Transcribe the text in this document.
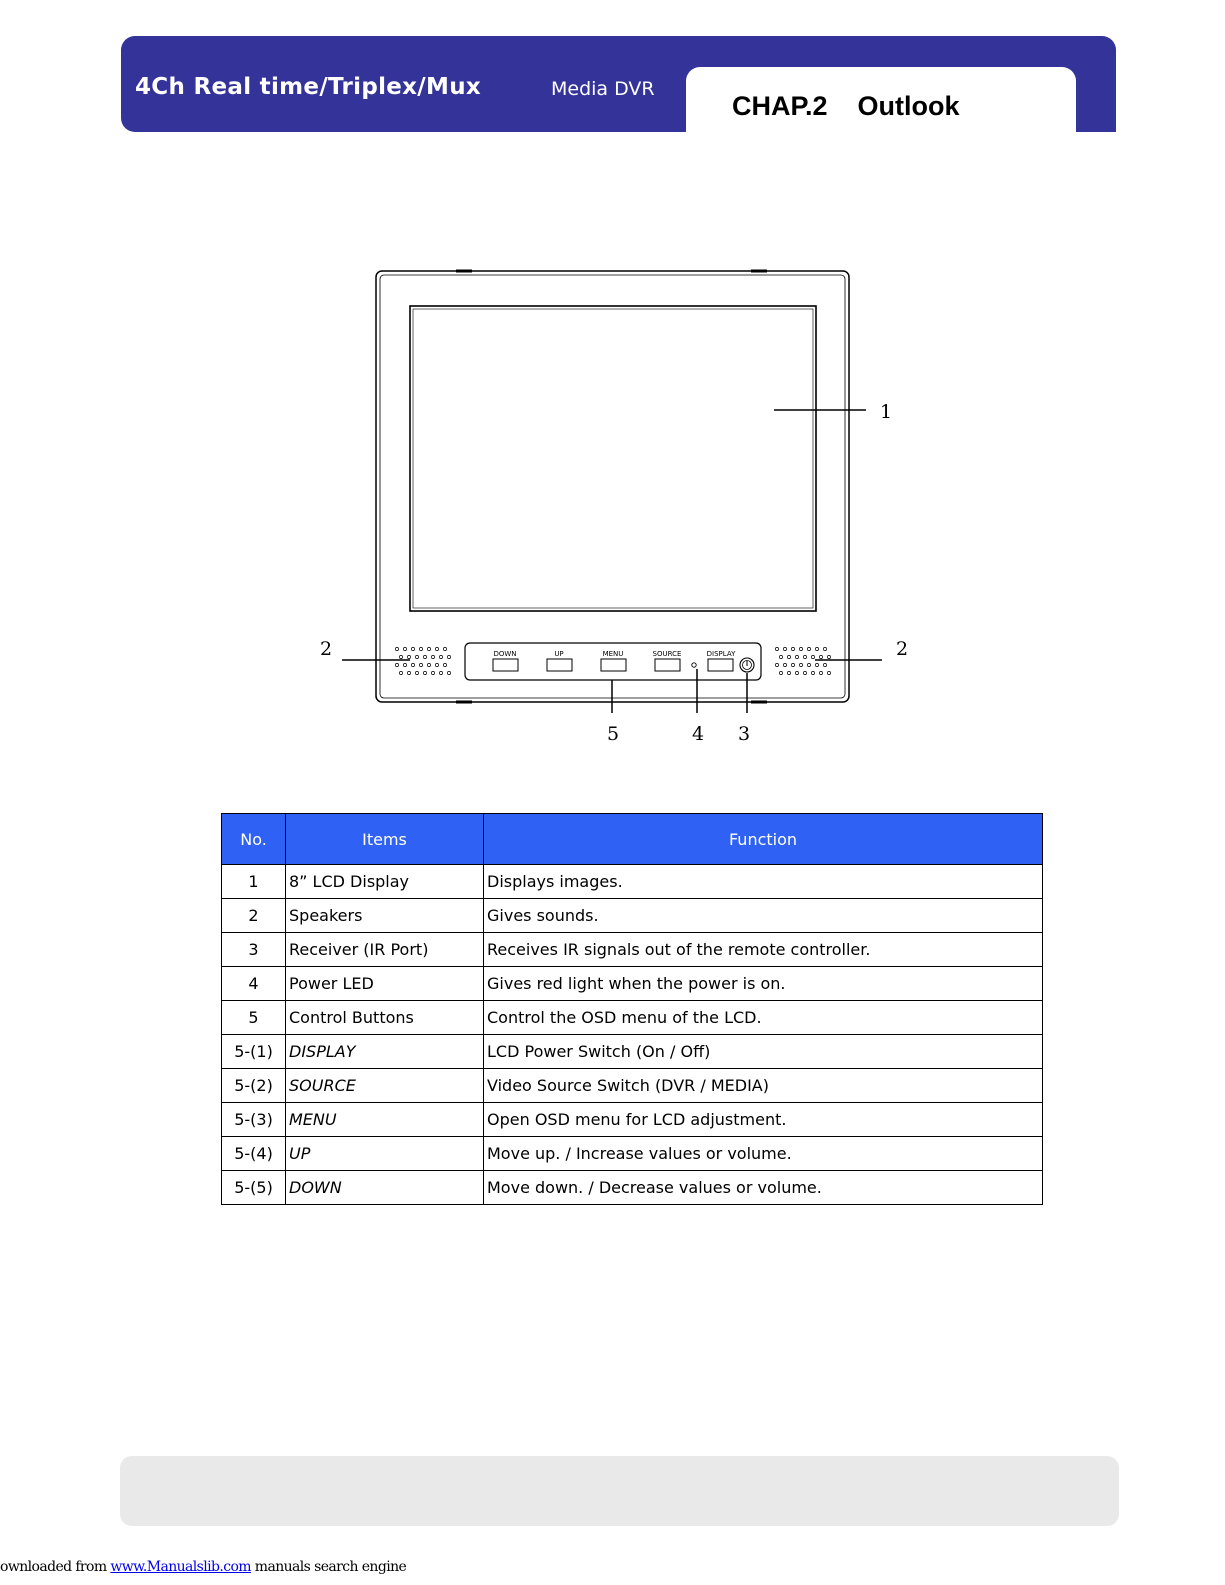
4Ch Real time/Triplex/Mux	Media DVR
CHAP.2    Outlook
DOWN	UP	MENU	SOURCE	DISPLAY
1
2	2
5	4 3
No.	Items	Function
1	8” LCD Display	Displays images.
2	Speakers	Gives sounds.
3	Receiver (IR Port)	Receives IR signals out of the remote controller.
4	Power LED	Gives red light when the power is on.
5	Control Buttons	Control the OSD menu of the LCD.
5-(1)	DISPLAY	LCD Power Switch (On / Off)
5-(2)	SOURCE	Video Source Switch (DVR / MEDIA)
5-(3)	MENU	Open OSD menu for LCD adjustment.
5-(4)	UP	Move up. / Increase values or volume.
5-(5)	DOWN	Move down. / Decrease values or volume.
ownloaded from www.Manualslib.com manuals search engine
